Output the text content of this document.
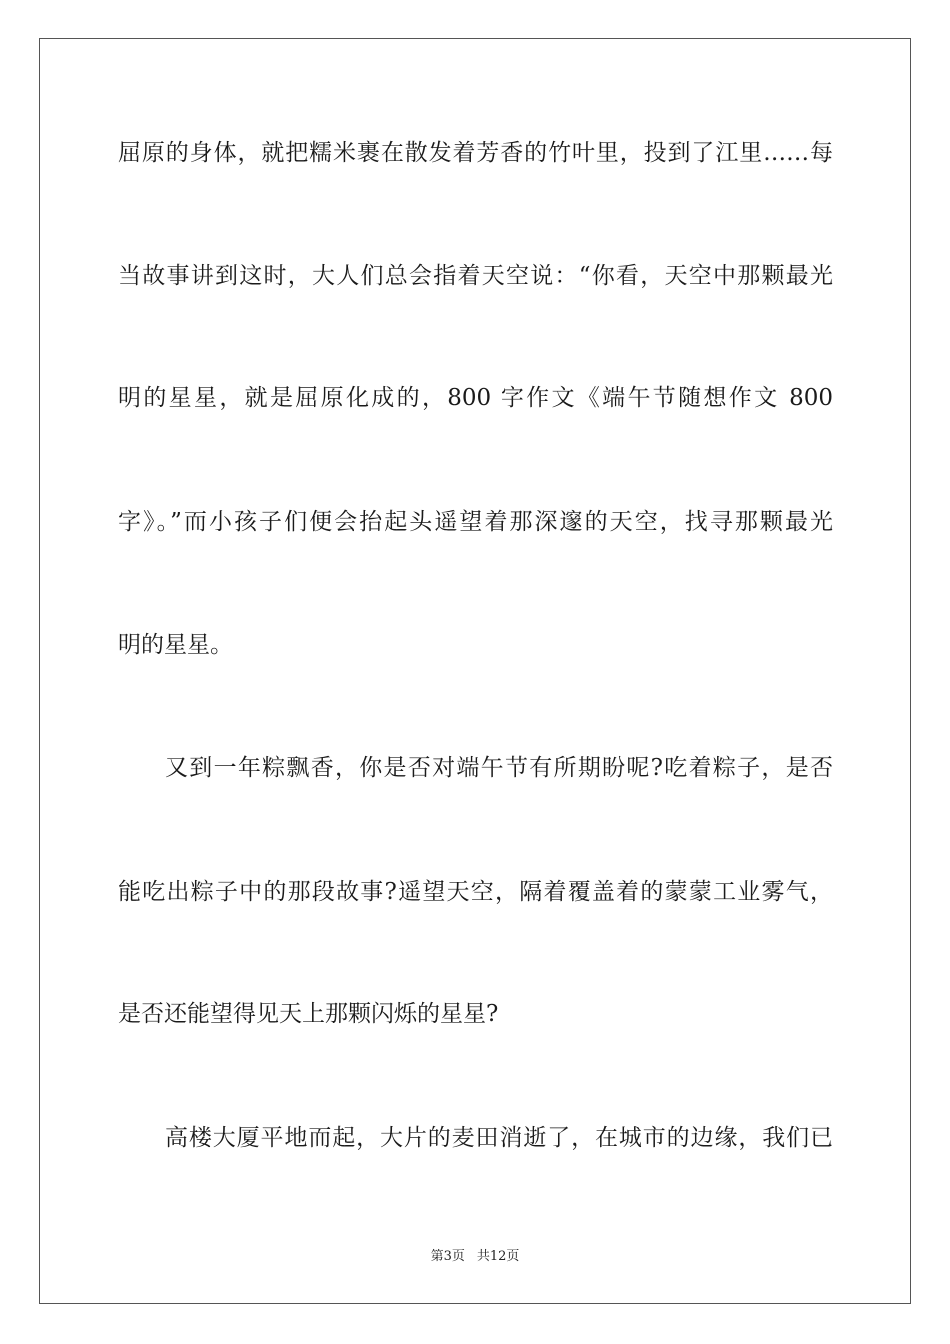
屈原的身体，就把糯米裹在散发着芳香的竹叶里，投到了江里……每
当故事讲到这时，大人们总会指着天空说：“你看，天空中那颗最光
明的星星，就是屈原化成的，800 字作文《端午节随想作文 800
字》。”而小孩子们便会抬起头遥望着那深邃的天空，找寻那颗最光
明的星星。
又到一年粽飘香，你是否对端午节有所期盼呢?吃着粽子，是否
能吃出粽子中的那段故事?遥望天空，隔着覆盖着的蒙蒙工业雾气，
是否还能望得见天上那颗闪烁的星星?
高楼大厦平地而起，大片的麦田消逝了，在城市的边缘，我们已
第3页 共12页
